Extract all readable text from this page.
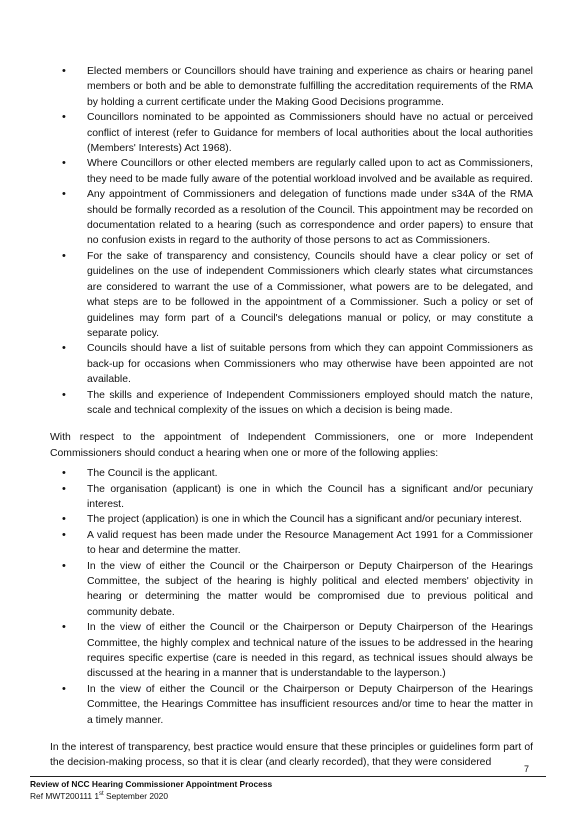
• Elected members or Councillors should have training and experience as chairs or hearing panel members or both and be able to demonstrate fulfilling the accreditation requirements of the RMA by holding a current certificate under the Making Good Decisions programme.
• Councillors nominated to be appointed as Commissioners should have no actual or perceived conflict of interest (refer to Guidance for members of local authorities about the local authorities (Members' Interests) Act 1968).
• Where Councillors or other elected members are regularly called upon to act as Commissioners, they need to be made fully aware of the potential workload involved and be available as required.
• Any appointment of Commissioners and delegation of functions made under s34A of the RMA should be formally recorded as a resolution of the Council. This appointment may be recorded on documentation related to a hearing (such as correspondence and order papers) to ensure that no confusion exists in regard to the authority of those persons to act as Commissioners.
• For the sake of transparency and consistency, Councils should have a clear policy or set of guidelines on the use of independent Commissioners which clearly states what circumstances are considered to warrant the use of a Commissioner, what powers are to be delegated, and what steps are to be followed in the appointment of a Commissioner. Such a policy or set of guidelines may form part of a Council's delegations manual or policy, or may constitute a separate policy.
• Councils should have a list of suitable persons from which they can appoint Commissioners as back-up for occasions when Commissioners who may otherwise have been appointed are not available.
• The skills and experience of Independent Commissioners employed should match the nature, scale and technical complexity of the issues on which a decision is being made.

With respect to the appointment of Independent Commissioners, one or more Independent Commissioners should conduct a hearing when one or more of the following applies:

• The Council is the applicant.
• The organisation (applicant) is one in which the Council has a significant and/or pecuniary interest.
• The project (application) is one in which the Council has a significant and/or pecuniary interest.
• A valid request has been made under the Resource Management Act 1991 for a Commissioner to hear and determine the matter.
• In the view of either the Council or the Chairperson or Deputy Chairperson of the Hearings Committee, the subject of the hearing is highly political and elected members' objectivity in hearing or determining the matter would be compromised due to previous political and community debate.
• In the view of either the Council or the Chairperson or Deputy Chairperson of the Hearings Committee, the highly complex and technical nature of the issues to be addressed in the hearing requires specific expertise (care is needed in this regard, as technical issues should always be discussed at the hearing in a manner that is understandable to the layperson.)
• In the view of either the Council or the Chairperson or Deputy Chairperson of the Hearings Committee, the Hearings Committee has insufficient resources and/or time to hear the matter in a timely manner.

In the interest of transparency, best practice would ensure that these principles or guidelines form part of the decision-making process, so that it is clear (and clearly recorded), that they were considered

7
Review of NCC Hearing Commissioner Appointment Process
Ref MWT200111 1st September 2020
